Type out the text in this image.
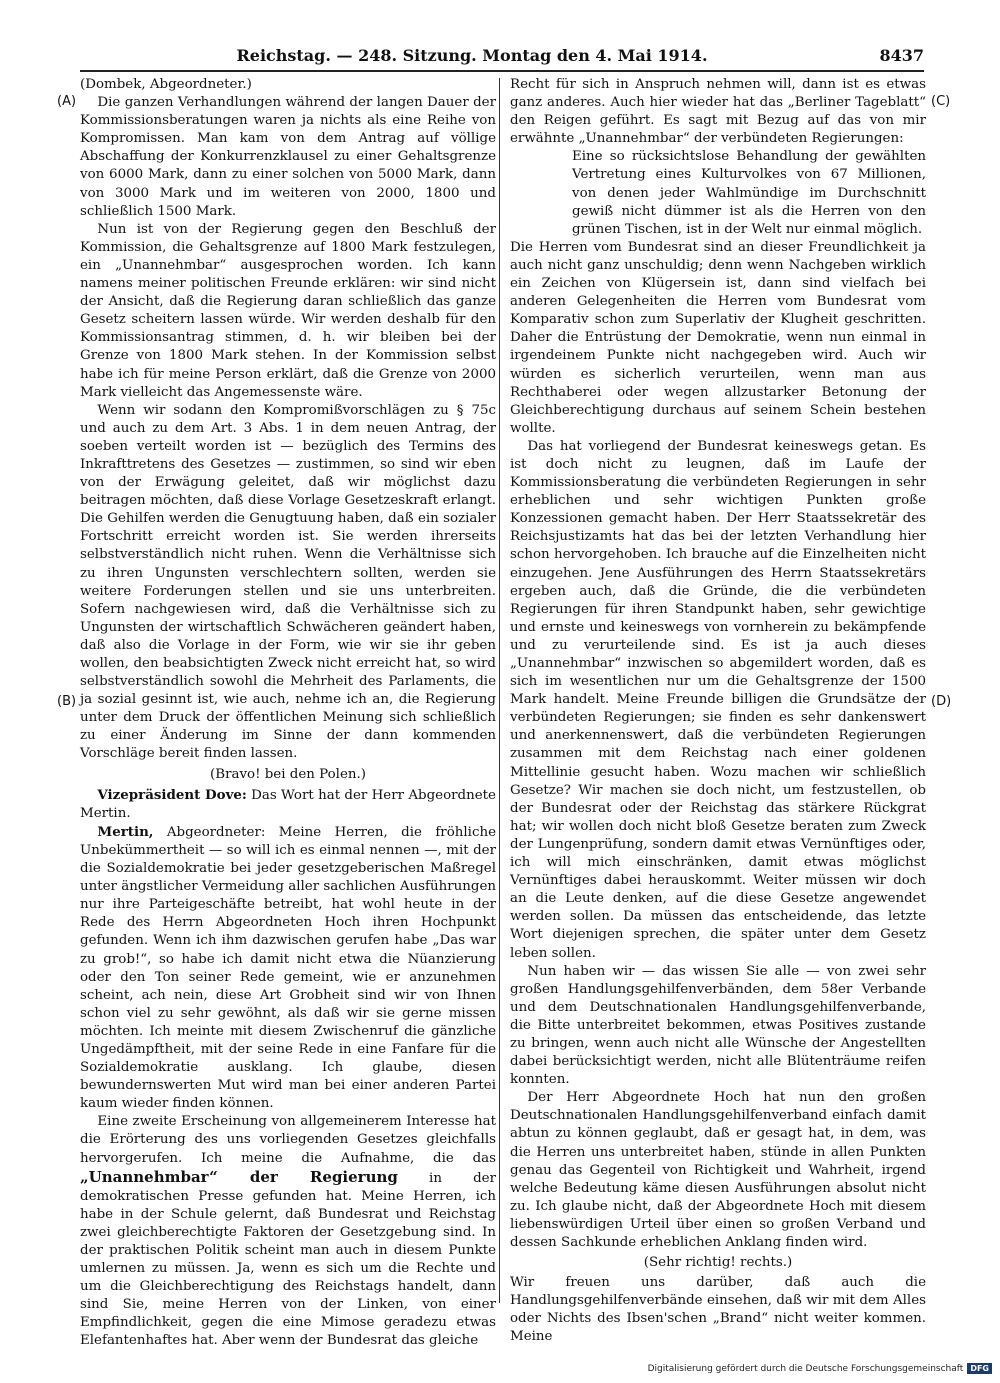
Reichstag. — 248. Sitzung. Montag den 4. Mai 1914.	8437
(A)
(B)
(C)
(D)

(Dombek, Abgeordneter.)

Die ganzen Verhandlungen während der langen Dauer der Kommissionsberatungen waren ja nichts als eine Reihe von Kompromissen. Man kam von dem Antrag auf völlige Abschaffung der Konkurrenzklausel zu einer Gehaltsgrenze von 6000 Mark, dann zu einer solchen von 5000 Mark, dann von 3000 Mark und im weiteren von 2000, 1800 und schließlich 1500 Mark.

Nun ist von der Regierung gegen den Beschluß der Kommission, die Gehaltsgrenze auf 1800 Mark festzulegen, ein „Unannehmbar“ ausgesprochen worden. Ich kann namens meiner politischen Freunde erklären: wir sind nicht der Ansicht, daß die Regierung daran schließlich das ganze Gesetz scheitern lassen würde. Wir werden deshalb für den Kommissionsantrag stimmen, d. h. wir bleiben bei der Grenze von 1800 Mark stehen. In der Kommission selbst habe ich für meine Person erklärt, daß die Grenze von 2000 Mark vielleicht das Angemessenste wäre.

Wenn wir sodann den Kompromißvorschlägen zu § 75c und auch zu dem Art. 3 Abs. 1 in dem neuen Antrag, der soeben verteilt worden ist — bezüglich des Termins des Inkrafttretens des Gesetzes — zustimmen, so sind wir eben von der Erwägung geleitet, daß wir möglichst dazu beitragen möchten, daß diese Vorlage Gesetzeskraft erlangt. Die Gehilfen werden die Genugtuung haben, daß ein sozialer Fortschritt erreicht worden ist. Sie werden ihrerseits selbstverständlich nicht ruhen. Wenn die Verhältnisse sich zu ihren Ungunsten verschlechtern sollten, werden sie weitere Forderungen stellen und sie uns unterbreiten. Sofern nachgewiesen wird, daß die Verhältnisse sich zu Ungunsten der wirtschaftlich Schwächeren geändert haben, daß also die Vorlage in der Form, wie wir sie ihr geben wollen, den beabsichtigten Zweck nicht erreicht hat, so wird selbstverständlich sowohl die Mehrheit des Parlaments, die ja sozial gesinnt ist, wie auch, nehme ich an, die Regierung unter dem Druck der öffentlichen Meinung sich schließlich zu einer Änderung im Sinne der dann kommenden Vorschläge bereit finden lassen.

(Bravo! bei den Polen.)

Vizepräsident Dove: Das Wort hat der Herr Abgeordnete Mertin.

Mertin, Abgeordneter: Meine Herren, die fröhliche Unbekümmertheit — so will ich es einmal nennen —, mit der die Sozialdemokratie bei jeder gesetzgeberischen Maßregel unter ängstlicher Vermeidung aller sachlichen Ausführungen nur ihre Parteigeschäfte betreibt, hat wohl heute in der Rede des Herrn Abgeordneten Hoch ihren Hochpunkt gefunden. Wenn ich ihm dazwischen gerufen habe „Das war zu grob!“, so habe ich damit nicht etwa die Nüanzierung oder den Ton seiner Rede gemeint, wie er anzunehmen scheint, ach nein, diese Art Grobheit sind wir von Ihnen schon viel zu sehr gewöhnt, als daß wir sie gerne missen möchten. Ich meinte mit diesem Zwischenruf die gänzliche Ungedämpftheit, mit der seine Rede in eine Fanfare für die Sozialdemokratie ausklang. Ich glaube, diesen bewundernswerten Mut wird man bei einer anderen Partei kaum wieder finden können.

Eine zweite Erscheinung von allgemeinerem Interesse hat die Erörterung des uns vorliegenden Gesetzes gleichfalls hervorgerufen. Ich meine die Aufnahme, die das „Unannehmbar“ der Regierung in der demokratischen Presse gefunden hat. Meine Herren, ich habe in der Schule gelernt, daß Bundesrat und Reichstag zwei gleichberechtigte Faktoren der Gesetzgebung sind. In der praktischen Politik scheint man auch in diesem Punkte umlernen zu müssen. Ja, wenn es sich um die Rechte und um die Gleichberechtigung des Reichstags handelt, dann sind Sie, meine Herren von der Linken, von einer Empfindlichkeit, gegen die eine Mimose geradezu etwas Elefantenhaftes hat. Aber wenn der Bundesrat das gleiche

Recht für sich in Anspruch nehmen will, dann ist es etwas ganz anderes. Auch hier wieder hat das „Berliner Tageblatt“ den Reigen geführt. Es sagt mit Bezug auf das von mir erwähnte „Unannehmbar“ der verbündeten Regierungen:

Eine so rücksichtslose Behandlung der gewählten Vertretung eines Kulturvolkes von 67 Millionen, von denen jeder Wahlmündige im Durchschnitt gewiß nicht dümmer ist als die Herren von den grünen Tischen, ist in der Welt nur einmal möglich.

Die Herren vom Bundesrat sind an dieser Freundlichkeit ja auch nicht ganz unschuldig; denn wenn Nachgeben wirklich ein Zeichen von Klügersein ist, dann sind vielfach bei anderen Gelegenheiten die Herren vom Bundesrat vom Komparativ schon zum Superlativ der Klugheit geschritten. Daher die Entrüstung der Demokratie, wenn nun einmal in irgendeinem Punkte nicht nachgegeben wird. Auch wir würden es sicherlich verurteilen, wenn man aus Rechthaberei oder wegen allzustarker Betonung der Gleichberechtigung durchaus auf seinem Schein bestehen wollte.

Das hat vorliegend der Bundesrat keineswegs getan. Es ist doch nicht zu leugnen, daß im Laufe der Kommissionsberatung die verbündeten Regierungen in sehr erheblichen und sehr wichtigen Punkten große Konzessionen gemacht haben. Der Herr Staatssekretär des Reichsjustizamts hat das bei der letzten Verhandlung hier schon hervorgehoben. Ich brauche auf die Einzelheiten nicht einzugehen. Jene Ausführungen des Herrn Staatssekretärs ergeben auch, daß die Gründe, die die verbündeten Regierungen für ihren Standpunkt haben, sehr gewichtige und ernste und keineswegs von vornherein zu bekämpfende und zu verurteilende sind. Es ist ja auch dieses „Unannehmbar“ inzwischen so abgemildert worden, daß es sich im wesentlichen nur um die Gehaltsgrenze der 1500 Mark handelt. Meine Freunde billigen die Grundsätze der verbündeten Regierungen; sie finden es sehr dankenswert und anerkennenswert, daß die verbündeten Regierungen zusammen mit dem Reichstag nach einer goldenen Mittellinie gesucht haben. Wozu machen wir schließlich Gesetze? Wir machen sie doch nicht, um festzustellen, ob der Bundesrat oder der Reichstag das stärkere Rückgrat hat; wir wollen doch nicht bloß Gesetze beraten zum Zweck der Lungenprüfung, sondern damit etwas Vernünftiges oder, ich will mich einschränken, damit etwas möglichst Vernünftiges dabei herauskommt. Weiter müssen wir doch an die Leute denken, auf die diese Gesetze angewendet werden sollen. Da müssen das entscheidende, das letzte Wort diejenigen sprechen, die später unter dem Gesetz leben sollen.

Nun haben wir — das wissen Sie alle — von zwei sehr großen Handlungsgehilfenverbänden, dem 58er Verbande und dem Deutschnationalen Handlungsgehilfenverbande, die Bitte unterbreitet bekommen, etwas Positives zustande zu bringen, wenn auch nicht alle Wünsche der Angestellten dabei berücksichtigt werden, nicht alle Blütenträume reifen konnten.

Der Herr Abgeordnete Hoch hat nun den großen Deutschnationalen Handlungsgehilfenverband einfach damit abtun zu können geglaubt, daß er gesagt hat, in dem, was die Herren uns unterbreitet haben, stünde in allen Punkten genau das Gegenteil von Richtigkeit und Wahrheit, irgend welche Bedeutung käme diesen Ausführungen absolut nicht zu. Ich glaube nicht, daß der Abgeordnete Hoch mit diesem liebenswürdigen Urteil über einen so großen Verband und dessen Sachkunde erheblichen Anklang finden wird.

(Sehr richtig! rechts.)

Wir freuen uns darüber, daß auch die Handlungsgehilfenverbände einsehen, daß wir mit dem Alles oder Nichts des Ibsen'schen „Brand“ nicht weiter kommen. Meine

Digitalisierung gefördert durch die Deutsche Forschungsgemeinschaft DFG
